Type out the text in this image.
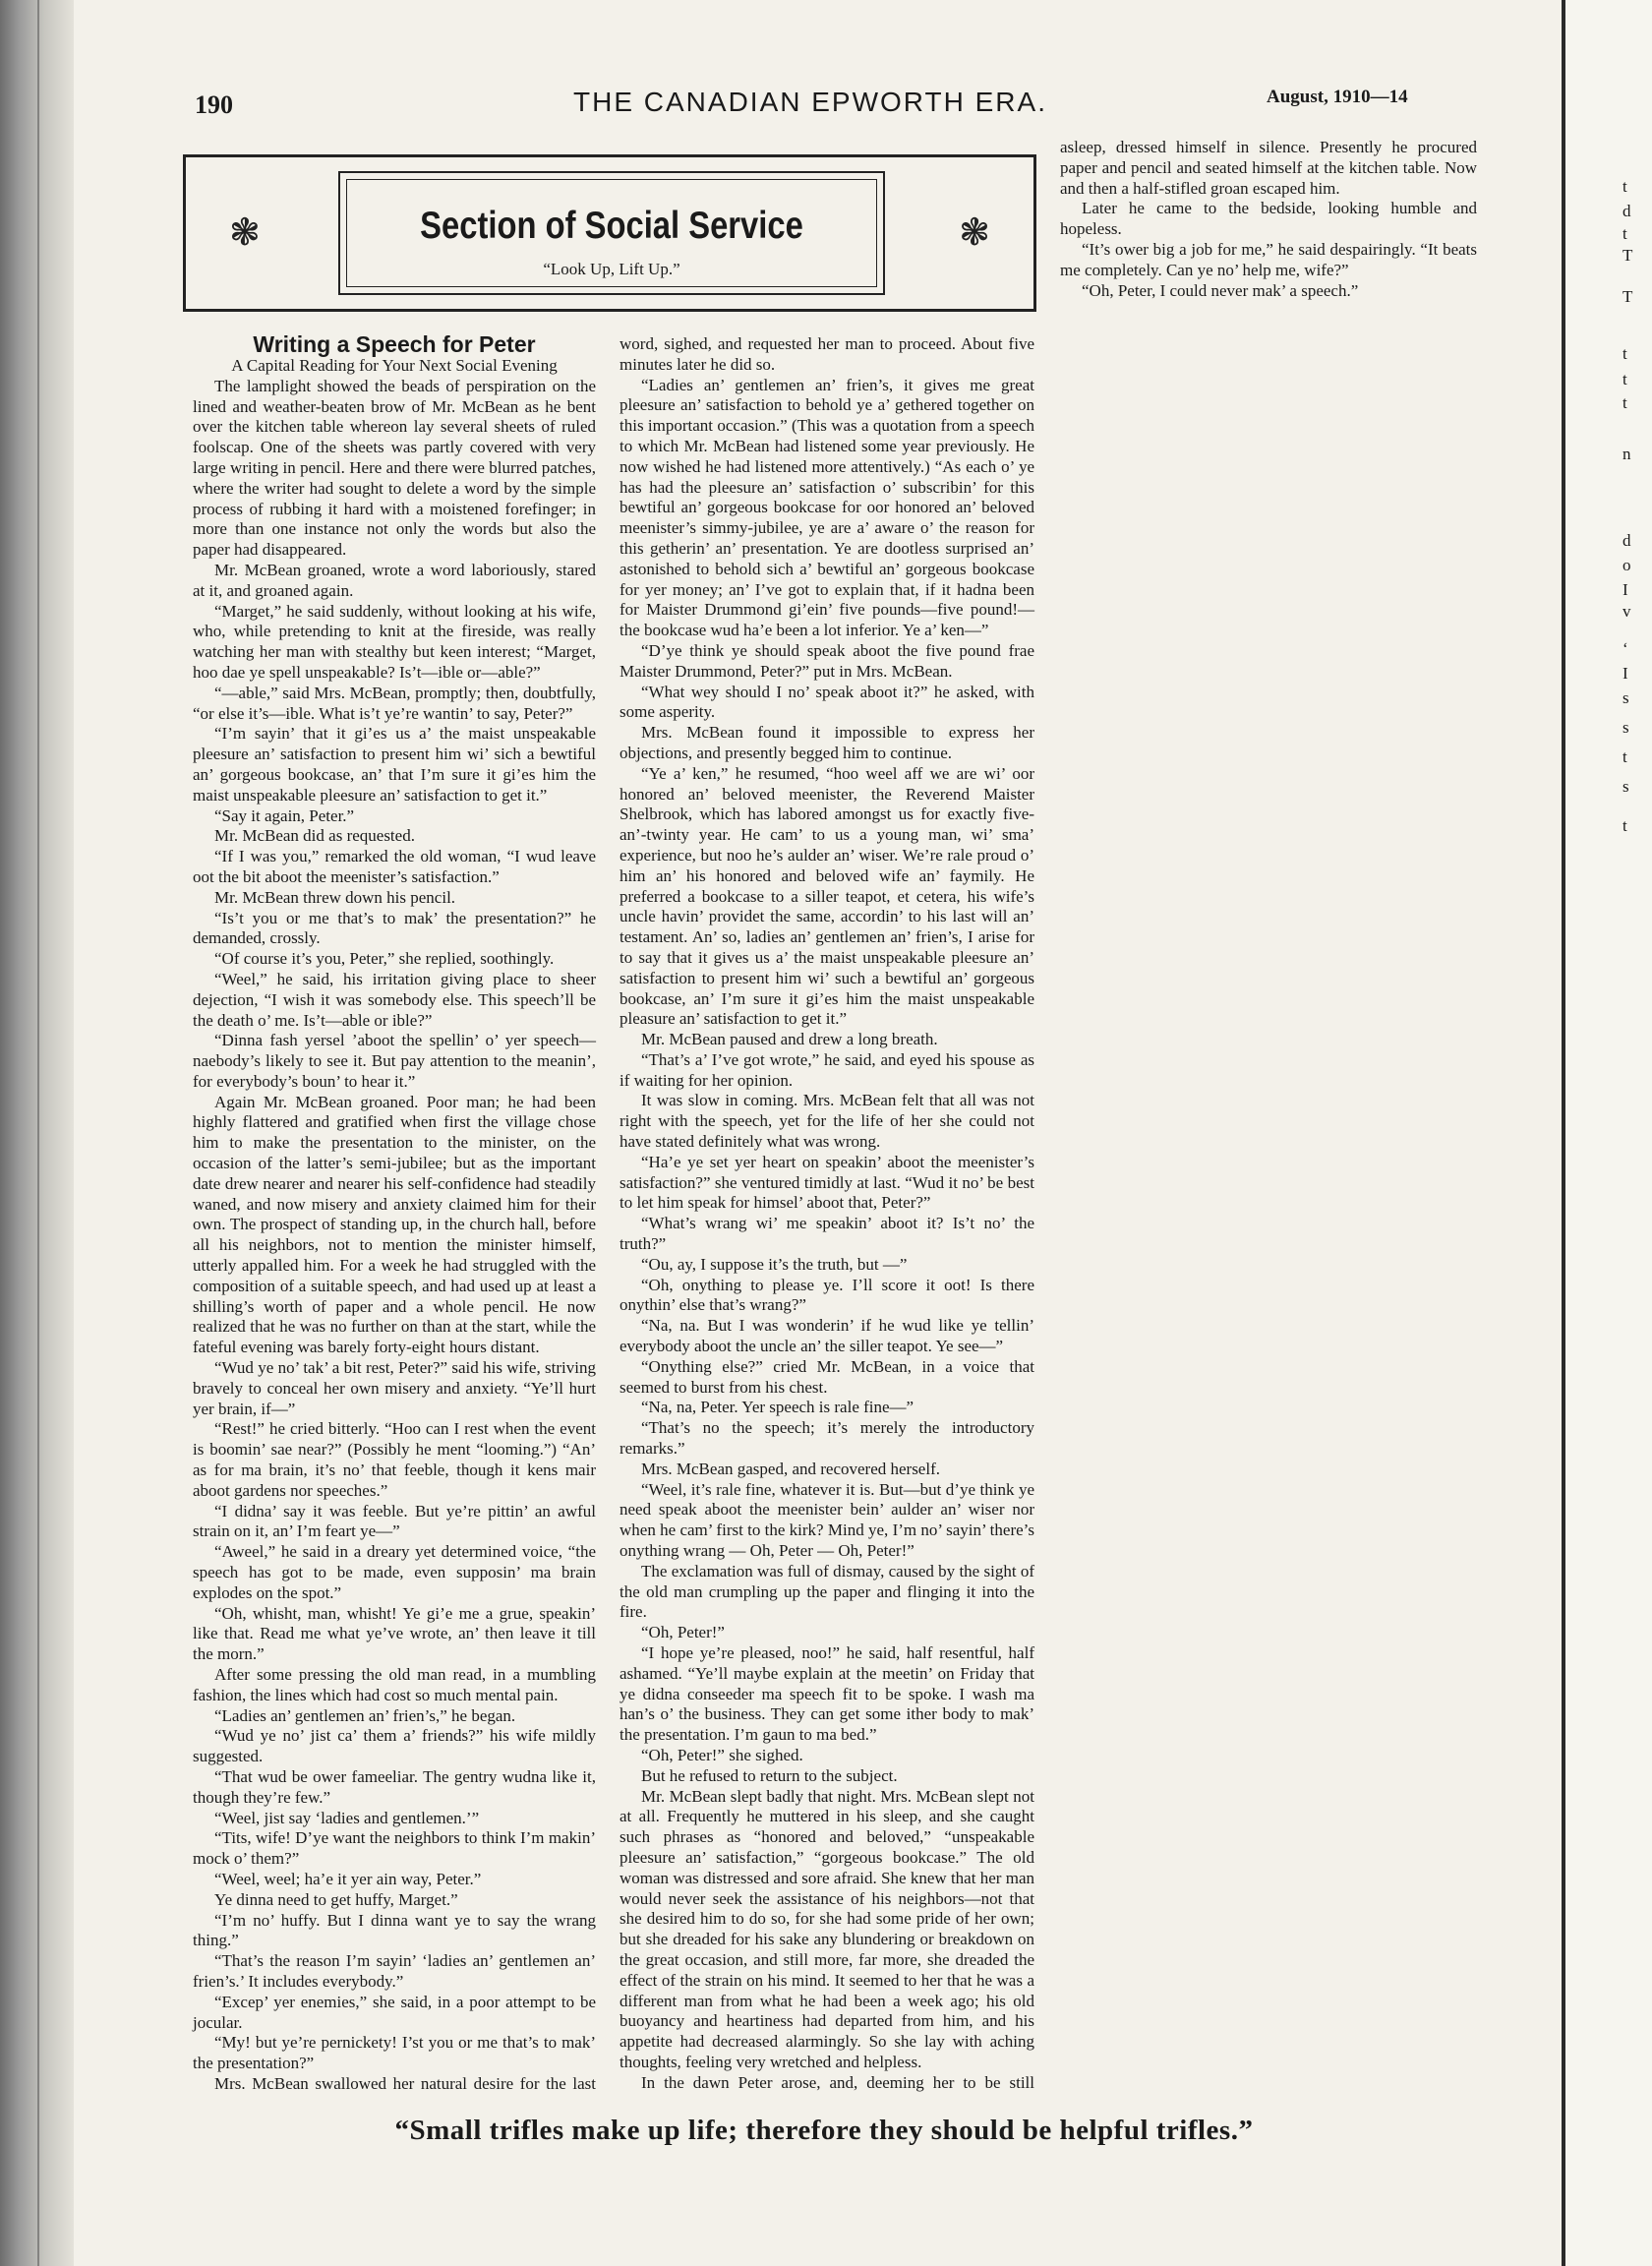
t
d
t
T
T
t
t
t
n
d
o
I
v
‘
I
s
s
t
s
t
190	THE CANADIAN EPWORTH ERA.	August, 1910—14
❃	Section of Social Service
“Look Up, Lift Up.”
❃

Writing a Speech for Peter

A Capital Reading for Your Next Social Evening

The lamplight showed the beads of perspiration on the lined and weather-beaten brow of Mr. McBean as he bent over the kitchen table whereon lay several sheets of ruled foolscap. One of the sheets was partly covered with very large writing in pencil. Here and there were blurred patches, where the writer had sought to delete a word by the simple process of rubbing it hard with a moistened forefinger; in more than one instance not only the words but also the paper had disappeared.

Mr. McBean groaned, wrote a word laboriously, stared at it, and groaned again.

“Marget,” he said suddenly, without looking at his wife, who, while pretending to knit at the fireside, was really watching her man with stealthy but keen interest; “Marget, hoo dae ye spell unspeakable? Is’t—ible or—able?”

“—able,” said Mrs. McBean, promptly; then, doubtfully, “or else it’s—ible. What is’t ye’re wantin’ to say, Peter?”

“I’m sayin’ that it gi’es us a’ the maist unspeakable pleesure an’ satisfaction to present him wi’ sich a bewtiful an’ gorgeous bookcase, an’ that I’m sure it gi’es him the maist unspeakable pleesure an’ satisfaction to get it.”

“Say it again, Peter.”

Mr. McBean did as requested.

“If I was you,” remarked the old woman, “I wud leave oot the bit aboot the meenister’s satisfaction.”

Mr. McBean threw down his pencil.

“Is’t you or me that’s to mak’ the presentation?” he demanded, crossly.

“Of course it’s you, Peter,” she replied, soothingly.

“Weel,” he said, his irritation giving place to sheer dejection, “I wish it was somebody else. This speech’ll be the death o’ me. Is’t—able or ible?”

“Dinna fash yersel ’aboot the spellin’ o’ yer speech—naebody’s likely to see it. But pay attention to the meanin’, for everybody’s boun’ to hear it.”

Again Mr. McBean groaned. Poor man; he had been highly flattered and gratified when first the village chose him to make the presentation to the minister, on the occasion of the latter’s semi-jubilee; but as the important date drew nearer and nearer his self-confidence had steadily waned, and now misery and anxiety claimed him for their own. The prospect of standing up, in the church hall, before all his neighbors, not to mention the minister himself, utterly appalled him. For a week he had struggled with the composition of a suitable speech, and had used up at least a shilling’s worth of paper and a whole pencil. He now realized that he was no further on than at the start, while the fateful evening was barely forty-eight hours distant.

“Wud ye no’ tak’ a bit rest, Peter?” said his wife, striving bravely to conceal her own misery and anxiety. “Ye’ll hurt yer brain, if—”

“Rest!” he cried bitterly. “Hoo can I rest when the event is boomin’ sae near?” (Possibly he ment “looming.”) “An’ as for ma brain, it’s no’ that feeble, though it kens mair aboot gardens nor speeches.”

“I didna’ say it was feeble. But ye’re pittin’ an awful strain on it, an’ I’m feart ye—”

“Aweel,” he said in a dreary yet determined voice, “the speech has got to be made, even supposin’ ma brain explodes on the spot.”

“Oh, whisht, man, whisht! Ye gi’e me a grue, speakin’ like that. Read me what ye’ve wrote, an’ then leave it till the morn.”

After some pressing the old man read, in a mumbling fashion, the lines which had cost so much mental pain.

“Ladies an’ gentlemen an’ frien’s,” he began.

“Wud ye no’ jist ca’ them a’ friends?” his wife mildly suggested.

“That wud be ower fameeliar. The gentry wudna like it, though they’re few.”

“Weel, jist say ‘ladies and gentlemen.’”

“Tits, wife! D’ye want the neighbors to think I’m makin’ mock o’ them?”

“Weel, weel; ha’e it yer ain way, Peter.”

Ye dinna need to get huffy, Marget.”

“I’m no’ huffy. But I dinna want ye to say the wrang thing.”

“That’s the reason I’m sayin’ ‘ladies an’ gentlemen an’ frien’s.’ It includes everybody.”

“Excep’ yer enemies,” she said, in a poor attempt to be jocular.

“My! but ye’re pernickety! I’st you or me that’s to mak’ the presentation?”

Mrs. McBean swallowed her natural desire for the last

word, sighed, and requested her man to proceed. About five minutes later he did so.

“Ladies an’ gentlemen an’ frien’s, it gives me great pleesure an’ satisfaction to behold ye a’ gethered together on this important occasion.” (This was a quotation from a speech to which Mr. McBean had listened some year previously. He now wished he had listened more attentively.) “As each o’ ye has had the pleesure an’ satisfaction o’ subscribin’ for this bewtiful an’ gorgeous bookcase for oor honored an’ beloved meenister’s simmy-jubilee, ye are a’ aware o’ the reason for this getherin’ an’ presentation. Ye are dootless surprised an’ astonished to behold sich a’ bewtiful an’ gorgeous bookcase for yer money; an’ I’ve got to explain that, if it hadna been for Maister Drummond gi’ein’ five pounds—five pound!—the bookcase wud ha’e been a lot inferior. Ye a’ ken—”

“D’ye think ye should speak aboot the five pound frae Maister Drummond, Peter?” put in Mrs. McBean.

“What wey should I no’ speak aboot it?” he asked, with some asperity.

Mrs. McBean found it impossible to express her objections, and presently begged him to continue.

“Ye a’ ken,” he resumed, “hoo weel aff we are wi’ oor honored an’ beloved meenister, the Reverend Maister Shelbrook, which has labored amongst us for exactly five-an’-twinty year. He cam’ to us a young man, wi’ sma’ experience, but noo he’s aulder an’ wiser. We’re rale proud o’ him an’ his honored and beloved wife an’ faymily. He preferred a bookcase to a siller teapot, et cetera, his wife’s uncle havin’ providet the same, accordin’ to his last will an’ testament. An’ so, ladies an’ gentlemen an’ frien’s, I arise for to say that it gives us a’ the maist unspeakable pleesure an’ satisfaction to present him wi’ such a bewtiful an’ gorgeous bookcase, an’ I’m sure it gi’es him the maist unspeakable pleasure an’ satisfaction to get it.”

Mr. McBean paused and drew a long breath.

“That’s a’ I’ve got wrote,” he said, and eyed his spouse as if waiting for her opinion.

It was slow in coming. Mrs. McBean felt that all was not right with the speech, yet for the life of her she could not have stated definitely what was wrong.

“Ha’e ye set yer heart on speakin’ aboot the meenister’s satisfaction?” she ventured timidly at last. “Wud it no’ be best to let him speak for himsel’ aboot that, Peter?”

“What’s wrang wi’ me speakin’ aboot it? Is’t no’ the truth?”

“Ou, ay, I suppose it’s the truth, but —”

“Oh, onything to please ye. I’ll score it oot! Is there onythin’ else that’s wrang?”

“Na, na. But I was wonderin’ if he wud like ye tellin’ everybody aboot the uncle an’ the siller teapot. Ye see—”

“Onything else?” cried Mr. McBean, in a voice that seemed to burst from his chest.

“Na, na, Peter. Yer speech is rale fine—”

“That’s no the speech; it’s merely the introductory remarks.”

Mrs. McBean gasped, and recovered herself.

“Weel, it’s rale fine, whatever it is. But—but d’ye think ye need speak aboot the meenister bein’ aulder an’ wiser nor when he cam’ first to the kirk? Mind ye, I’m no’ sayin’ there’s onything wrang — Oh, Peter — Oh, Peter!”

The exclamation was full of dismay, caused by the sight of the old man crumpling up the paper and flinging it into the fire.

“Oh, Peter!”

“I hope ye’re pleased, noo!” he said, half resentful, half ashamed. “Ye’ll maybe explain at the meetin’ on Friday that ye didna conseeder ma speech fit to be spoke. I wash ma han’s o’ the business. They can get some ither body to mak’ the presentation. I’m gaun to ma bed.”

“Oh, Peter!” she sighed.

But he refused to return to the subject.

Mr. McBean slept badly that night. Mrs. McBean slept not at all. Frequently he muttered in his sleep, and she caught such phrases as “honored and beloved,” “unspeakable pleesure an’ satisfaction,” “gorgeous bookcase.” The old woman was distressed and sore afraid. She knew that her man would never seek the assistance of his neighbors—not that she desired him to do so, for she had some pride of her own; but she dreaded for his sake any blundering or breakdown on the great occasion, and still more, far more, she dreaded the effect of the strain on his mind. It seemed to her that he was a different man from what he had been a week ago; his old buoyancy and heartiness had departed from him, and his appetite had decreased alarmingly. So she lay with aching thoughts, feeling very wretched and helpless.

In the dawn Peter arose, and, deeming her to be still

asleep, dressed himself in silence. Presently he procured paper and pencil and seated himself at the kitchen table. Now and then a half-stifled groan escaped him.

Later he came to the bedside, looking humble and hopeless.

“It’s ower big a job for me,” he said despairingly. “It beats me completely. Can ye no’ help me, wife?”

“Oh, Peter, I could never mak’ a speech.”

“Small trifles make up life; therefore they should be helpful trifles.”
